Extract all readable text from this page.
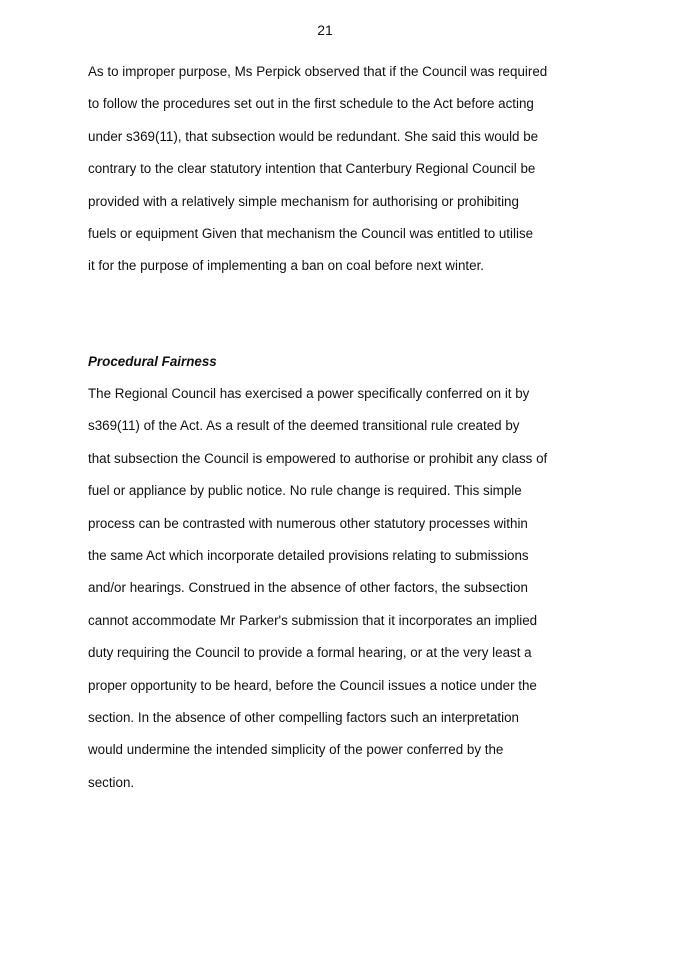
21
As to improper purpose, Ms Perpick observed that if the Council was required
to follow the procedures set out in the first schedule to the Act before acting
under s369(11), that subsection would be redundant. She said this would be
contrary to the clear statutory intention that Canterbury Regional Council be
provided with a relatively simple mechanism for authorising or prohibiting
fuels or equipment Given that mechanism the Council was entitled to utilise
it for the purpose of implementing a ban on coal before next winter.
Procedural Fairness
The Regional Council has exercised a power specifically conferred on it by
s369(11) of the Act. As a result of the deemed transitional rule created by
that subsection the Council is empowered to authorise or prohibit any class of
fuel or appliance by public notice. No rule change is required. This simple
process can be contrasted with numerous other statutory processes within
the same Act which incorporate detailed provisions relating to submissions
and/or hearings. Construed in the absence of other factors, the subsection
cannot accommodate Mr Parker's submission that it incorporates an implied
duty requiring the Council to provide a formal hearing, or at the very least a
proper opportunity to be heard, before the Council issues a notice under the
section. In the absence of other compelling factors such an interpretation
would undermine the intended simplicity of the power conferred by the
section.
